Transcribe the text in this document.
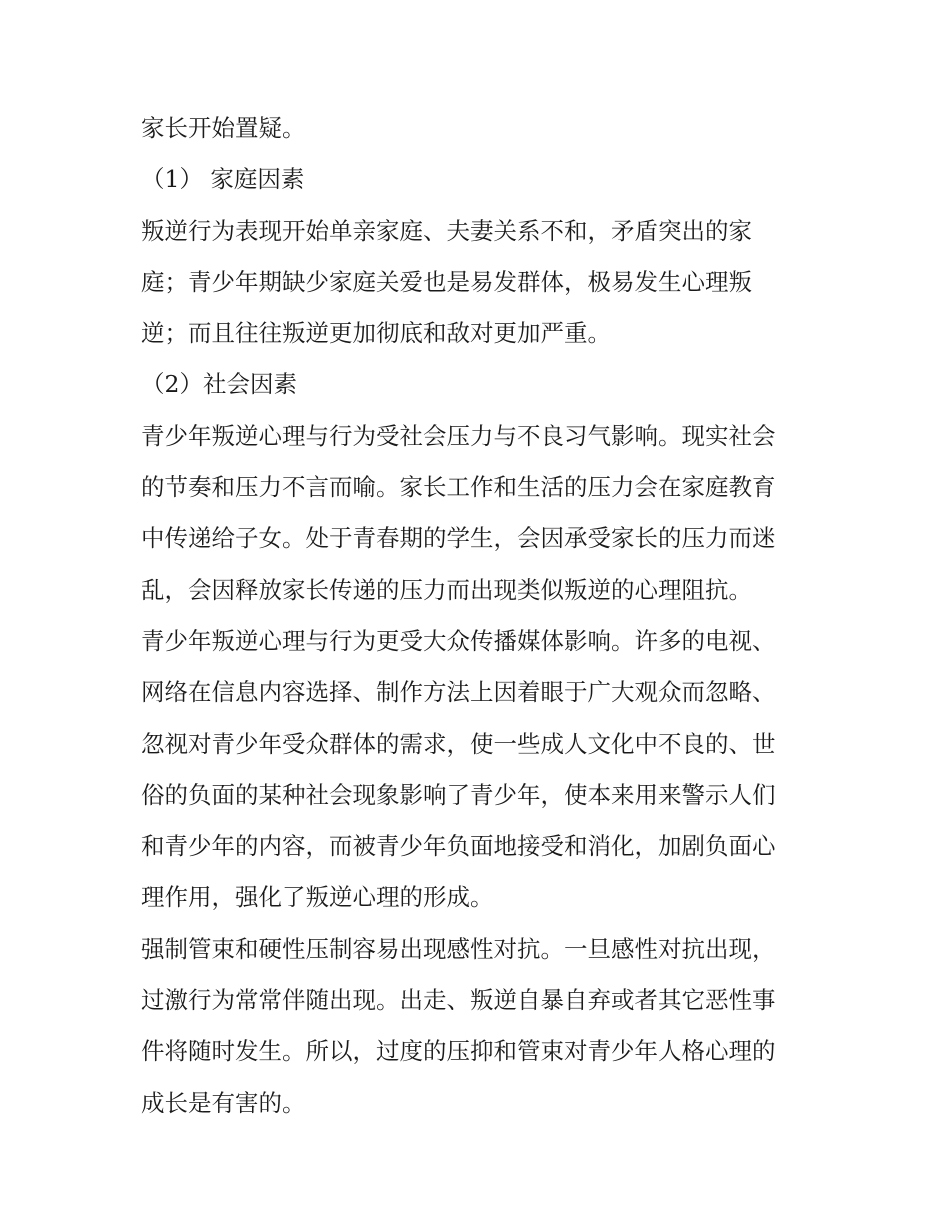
家长开始置疑。
（1） 家庭因素
叛逆行为表现开始单亲家庭、夫妻关系不和，矛盾突出的家
庭；青少年期缺少家庭关爱也是易发群体，极易发生心理叛
逆；而且往往叛逆更加彻底和敌对更加严重。
（2）社会因素
青少年叛逆心理与行为受社会压力与不良习气影响。现实社会
的节奏和压力不言而喻。家长工作和生活的压力会在家庭教育
中传递给子女。处于青春期的学生，会因承受家长的压力而迷
乱，会因释放家长传递的压力而出现类似叛逆的心理阻抗。
青少年叛逆心理与行为更受大众传播媒体影响。许多的电视、
网络在信息内容选择、制作方法上因着眼于广大观众而忽略、
忽视对青少年受众群体的需求，使一些成人文化中不良的、世
俗的负面的某种社会现象影响了青少年，使本来用来警示人们
和青少年的内容，而被青少年负面地接受和消化，加剧负面心
理作用，强化了叛逆心理的形成。
强制管束和硬性压制容易出现感性对抗。一旦感性对抗出现，
过激行为常常伴随出现。出走、叛逆自暴自弃或者其它恶性事
件将随时发生。所以，过度的压抑和管束对青少年人格心理的
成长是有害的。
